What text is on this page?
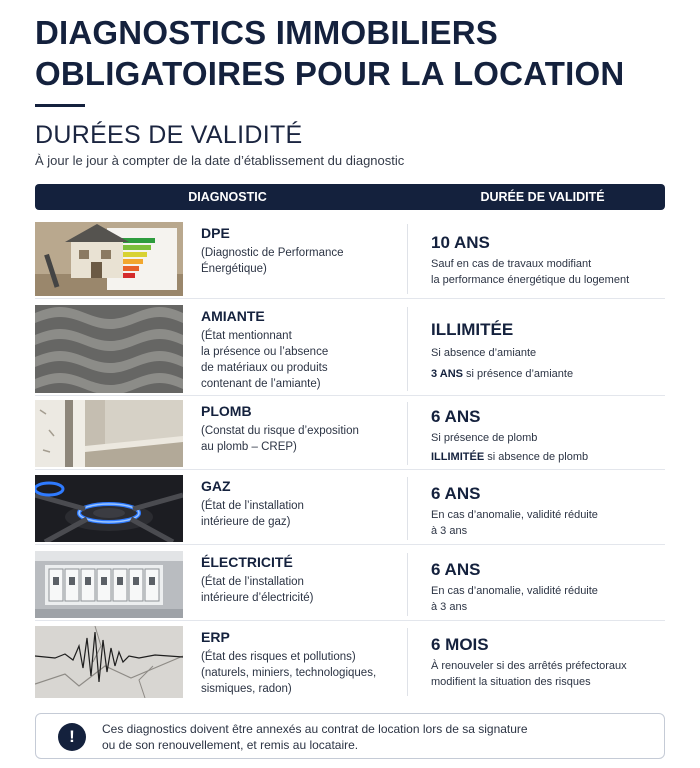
DIAGNOSTICS IMMOBILIERS OBLIGATOIRES POUR LA LOCATION
DURÉES DE VALIDITÉ
À jour le jour à compter de la date d’établissement du diagnostic
DIAGNOSTIC	DURÉE DE VALIDITÉ
DPE
(Diagnostic de Performance
Énergétique)
10 ANS
Sauf en cas de travaux modifiant
la performance énergétique du logement
AMIANTE
(État mentionnant
la présence ou l’absence
de matériaux ou produits
contenant de l’amiante)
ILLIMITÉE
Si absence d’amiante
3 ANS si présence d’amiante
PLOMB
(Constat du risque d’exposition
au plomb – CREP)
6 ANS
Si présence de plomb
ILLIMITÉE si absence de plomb
GAZ
(État de l’installation
intérieure de gaz)
6 ANS
En cas d’anomalie, validité réduite
à 3 ans
ÉLECTRICITÉ
(État de l’installation
intérieure d’électricité)
6 ANS
En cas d’anomalie, validité réduite
à 3 ans
ERP
(État des risques et pollutions)
(naturels, miniers, technologiques,
sismiques, radon)
6 MOIS
À renouveler si des arrêtés préfectoraux
modifient la situation des risques
!	Ces diagnostics doivent être annexés au contrat de location lors de sa signature
ou de son renouvellement, et remis au locataire.
